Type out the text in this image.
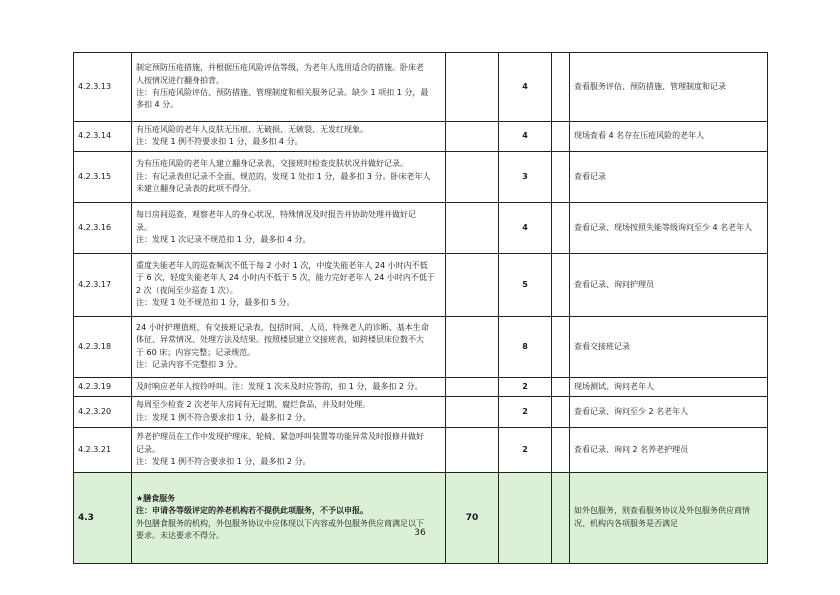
4.2.3.13	制定预防压疮措施，并根据压疮风险评估等级，为老年人选用适合的措施。卧床老
人按情况进行翻身拍背。
注：有压疮风险评估、预防措施、管理制度和相关服务记录。缺少 1 项扣 1 分，最
多扣 4 分。		4		查看服务评估、预防措施、管理制度和记录
4.2.3.14	有压疮风险的老年人皮肤无压痕、无破损、无皴裂、无发红现象。
注：发现 1 例不符要求扣 1 分，最多扣 4 分。		4		现场查看 4 名存在压疮风险的老年人
4.2.3.15	为有压疮风险的老年人建立翻身记录表，交接班时检查皮肤状况并做好记录。
注：有记录表但记录不全面、规范的，发现 1 处扣 1 分，最多扣 3 分。卧床老年人
未建立翻身记录表的此项不得分。		3		查看记录
4.2.3.16	每日房间巡查，观察老年人的身心状况，特殊情况及时报告并协助处理并做好记
录。
注：发现 1 次记录不规范扣 1 分，最多扣 4 分。		4		查看记录、现场按照失能等级询问至少 4 名老年人
4.2.3.17	重度失能老年人的巡查频次不低于每 2 小时 1 次，中度失能老年人 24 小时内不低
于 6 次，轻度失能老年人 24 小时内不低于 5 次，能力完好老年人 24 小时内不低于
2 次（夜间至少巡查 1 次）。
注：发现 1 处不规范扣 1 分，最多扣 5 分。		5		查看记录、询问护理员
4.2.3.18	24 小时护理值班，有交接班记录表，包括时间、人员、特殊老人的诊断、基本生命
体征、异常情况、处理方法及结果。按照楼层建立交接班表，如跨楼层床位数不大
于 60 床；内容完整；记录规范。
注：记录内容不完整扣 3 分。		8		查看交接班记录
4.2.3.19	及时响应老年人按铃呼叫。注：发现 1 次未及时应答的，扣 1 分，最多扣 2 分。		2		现场测试、询问老年人
4.2.3.20	每周至少检查 2 次老年人房间有无过期、腐烂食品，并及时处理。
注：发现 1 例不符合要求扣 1 分，最多扣 2 分。		2		查看记录、询问至少 2 名老年人
4.2.3.21	养老护理员在工作中发现护理床、轮椅、紧急呼叫装置等功能异常及时报修并做好
记录。
注：发现 1 例不符合要求扣 1 分，最多扣 2 分。		2		查看记录、询问 2 名养老护理员
4.3	★膳食服务
注：申请各等级评定的养老机构若不提供此项服务，不予以申报。
外包膳食服务的机构，外包服务协议中应体现以下内容或外包服务供应商满足以下
要求。未达要求不得分。	70			如外包服务，则查看服务协议及外包服务供应商情况、机构内各项服务是否满足
36
